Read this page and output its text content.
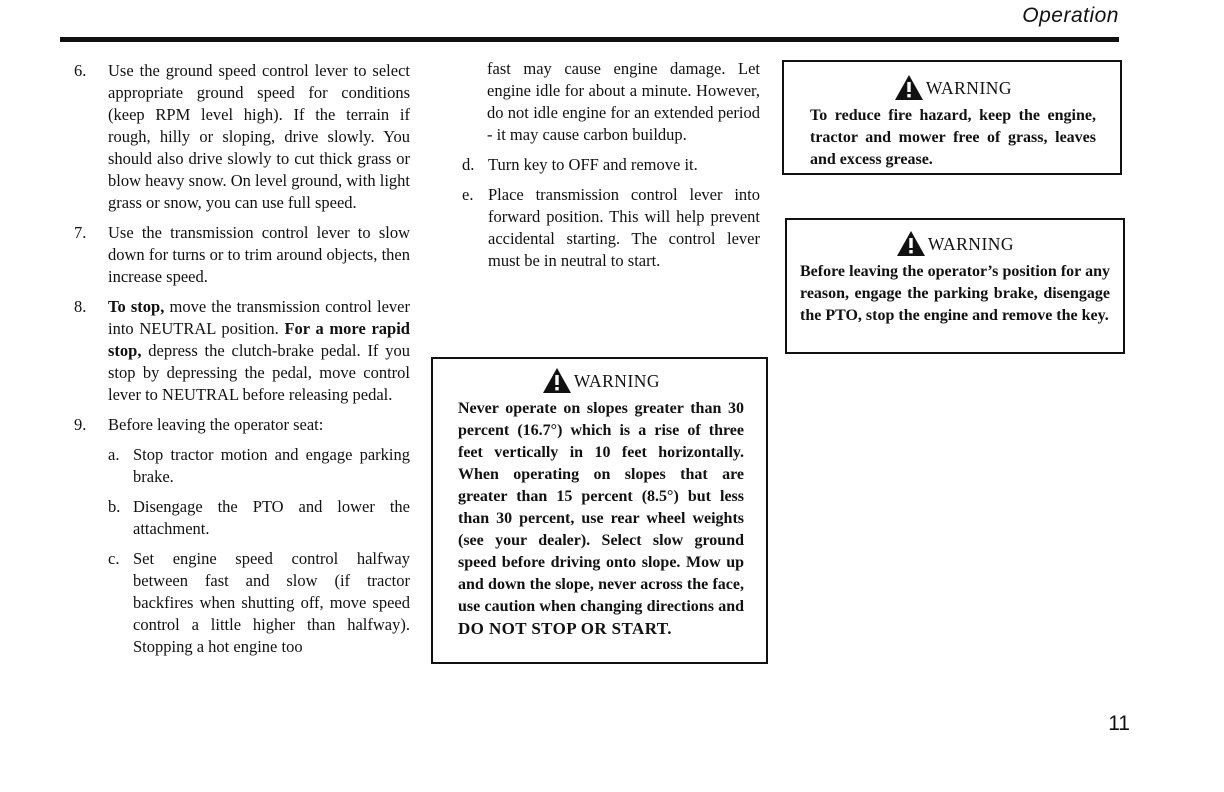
Operation
6.	Use the ground speed control lever to select appropriate ground speed for conditions (keep RPM level high). If the terrain if rough, hilly or sloping, drive slowly. You should also drive slowly to cut thick grass or blow heavy snow. On level ground, with light grass or snow, you can use full speed.
7.	Use the transmission control lever to slow down for turns or to trim around objects, then increase speed.
8.	To stop, move the transmission control lever into NEUTRAL position. For a more rapid stop, depress the clutch-brake pedal. If you stop by depressing the pedal, move control lever to NEUTRAL before releasing pedal.
9.	Before leaving the operator seat:
a. Stop tractor motion and engage parking brake.
b. Disengage the PTO and lower the attachment.
c. Set engine speed control halfway between fast and slow (if tractor backfires when shutting off, move speed control a little higher than halfway). Stopping a hot engine too
fast may cause engine damage. Let engine idle for about a minute. However, do not idle engine for an extended period - it may cause carbon buildup.
d. Turn key to OFF and remove it.
e. Place transmission control lever into forward position. This will help prevent accidental starting. The control lever must be in neutral to start.
WARNING
To reduce fire hazard, keep the engine, tractor and mower free of grass, leaves and excess grease.
WARNING
Before leaving the operator’s position for any reason, engage the parking brake, disengage the PTO, stop the engine and remove the key.
WARNING
Never operate on slopes greater than 30 percent (16.7°) which is a rise of three feet vertically in 10 feet horizontally. When operating on slopes that are greater than 15 percent (8.5°) but less than 30 percent, use rear wheel weights (see your dealer). Select slow ground speed before driving onto slope. Mow up and down the slope, never across the face, use caution when changing directions and DO NOT STOP OR START.
11
